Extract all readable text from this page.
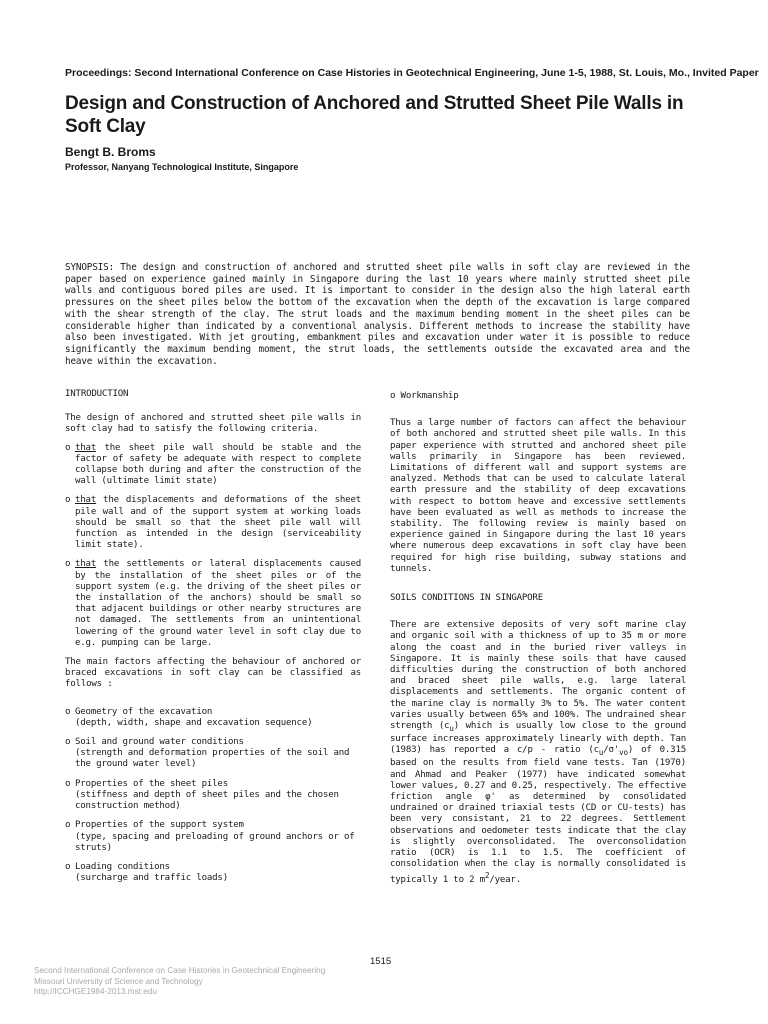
Proceedings: Second International Conference on Case Histories in Geotechnical Engineering, June 1-5, 1988, St. Louis, Mo., Invited Paper
Design and Construction of Anchored and Strutted Sheet Pile Walls in Soft Clay
Bengt B. Broms
Professor, Nanyang Technological Institute, Singapore
SYNOPSIS: The design and construction of anchored and strutted sheet pile walls in soft clay are reviewed in the paper based on experience gained mainly in Singapore during the last 10 years where mainly strutted sheet pile walls and contiguous bored piles are used. It is important to consider in the design also the high lateral earth pressures on the sheet piles below the bottom of the excavation when the depth of the excavation is large compared with the shear strength of the clay. The strut loads and the maximum bending moment in the sheet piles can be considerable higher than indicated by a conventional analysis. Different methods to increase the stability have also been investigated. With jet grouting, embankment piles and excavation under water it is possible to reduce significantly the maximum bending moment, the strut loads, the settlements outside the excavated area and the heave within the excavation.

INTRODUCTION

The design of anchored and strutted sheet pile walls in soft clay had to satisfy the following criteria.

o that the sheet pile wall should be stable and the factor of safety be adequate with respect to complete collapse both during and after the construction of the wall (ultimate limit state)

o that the displacements and deformations of the sheet pile wall and of the support system at working loads should be small so that the sheet pile wall will function as intended in the design (serviceability limit state).

o that the settlements or lateral displacements caused by the installation of the sheet piles or of the support system (e.g. the driving of the sheet piles or the installation of the anchors) should be small so that adjacent buildings or other nearby structures are not damaged. The settlements from an unintentional lowering of the ground water level in soft clay due to e.g. pumping can be large.

The main factors affecting the behaviour of anchored or braced excavations in soft clay can be classified as follows :

o Geometry of the excavation

(depth, width, shape and excavation sequence)

o Soil and ground water conditions

(strength and deformation properties of the soil and the ground water level)

o Properties of the sheet piles

(stiffness and depth of sheet piles and the chosen construction method)

o Properties of the support system

(type, spacing and preloading of ground anchors or of struts)

o Loading conditions

(surcharge and traffic loads)

o Workmanship

Thus a large number of factors can affect the behaviour of both anchored and strutted sheet pile walls. In this paper experience with strutted and anchored sheet pile walls primarily in Singapore has been reviewed. Limitations of different wall and support systems are analyzed. Methods that can be used to calculate lateral earth pressure and the stability of deep excavations with respect to bottom heave and excessive settlements have been evaluated as well as methods to increase the stability. The following review is mainly based on experience gained in Singapore during the last 10 years where numerous deep excavations in soft clay have been required for high rise building, subway stations and tunnels.

SOILS CONDITIONS IN SINGAPORE

There are extensive deposits of very soft marine clay and organic soil with a thickness of up to 35 m or more along the coast and in the buried river valleys in Singapore. It is mainly these soils that have caused difficulties during the construction of both anchored and braced sheet pile walls, e.g. large lateral displacements and settlements. The organic content of the marine clay is normally 3% to 5%. The water content varies usually between 65% and 100%. The undrained shear strength $(c_u)$ which is usually low close to the ground surface increases approximately linearly with depth. Tan (1983) has reported a c/p - ratio $(c_u/\sigma'_{vo})$ of 0.315 based on the results from field vane tests. Tan (1970) and Ahmad and Peaker (1977) have indicated somewhat lower values, 0.27 and 0.25, respectively. The effective friction angle φ' as determined by consolidated undrained or drained triaxial tests (CD or CU-tests) has been very consistant, 21 to 22 degrees. Settlement observations and oedometer tests indicate that the clay is slightly overconsolidated. The overconsolidation ratio (OCR) is 1.1 to 1.5. The coefficient of consolidation when the clay is normally consolidated is typically 1 to 2 $m^2$/year.

1515
Second International Conference on Case Histories in Geotechnical Engineering
Missouri University of Science and Technology
http://ICCHGE1984-2013.mst.edu
